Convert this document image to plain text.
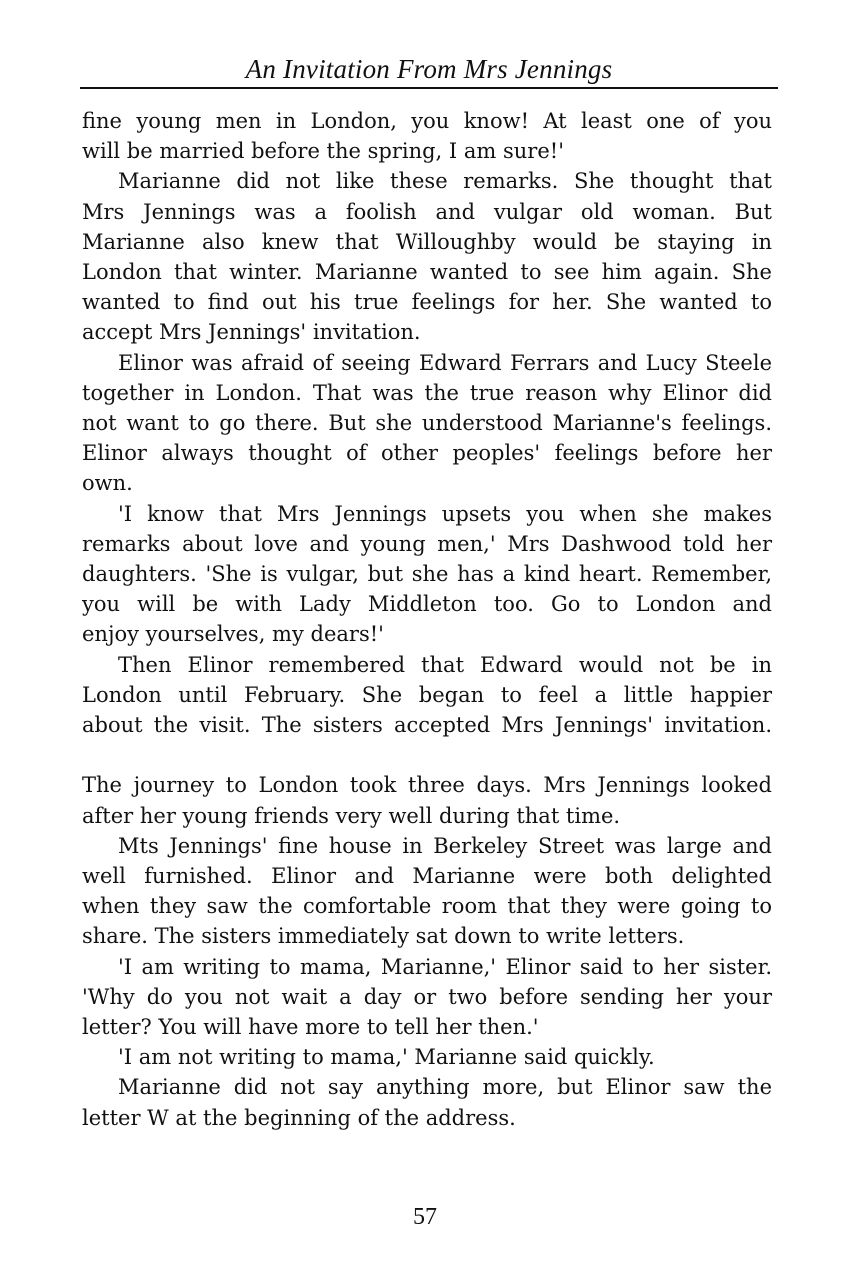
An Invitation From Mrs Jennings

fine young men in London, you know! At least one of you

will be married before the spring, I am sure!'

Marianne did not like these remarks. She thought that

Mrs Jennings was a foolish and vulgar old woman. But

Marianne also knew that Willoughby would be staying in

London that winter. Marianne wanted to see him again. She

wanted to find out his true feelings for her. She wanted to

accept Mrs Jennings' invitation.

Elinor was afraid of seeing Edward Ferrars and Lucy Steele

together in London. That was the true reason why Elinor did

not want to go there. But she understood Marianne's feelings.

Elinor always thought of other peoples' feelings before her

own.

'I know that Mrs Jennings upsets you when she makes

remarks about love and young men,' Mrs Dashwood told her

daughters. 'She is vulgar, but she has a kind heart. Remember,

you will be with Lady Middleton too. Go to London and

enjoy yourselves, my dears!'

Then Elinor remembered that Edward would not be in

London until February. She began to feel a little happier

about the visit. The sisters accepted Mrs Jennings' invitation.

The journey to London took three days. Mrs Jennings looked

after her young friends very well during that time.

Mts Jennings' fine house in Berkeley Street was large and

well furnished. Elinor and Marianne were both delighted

when they saw the comfortable room that they were going to

share. The sisters immediately sat down to write letters.

'I am writing to mama, Marianne,' Elinor said to her sister.

'Why do you not wait a day or two before sending her your

letter? You will have more to tell her then.'

'I am not writing to mama,' Marianne said quickly.

Marianne did not say anything more, but Elinor saw the

letter W at the beginning of the address.

57
